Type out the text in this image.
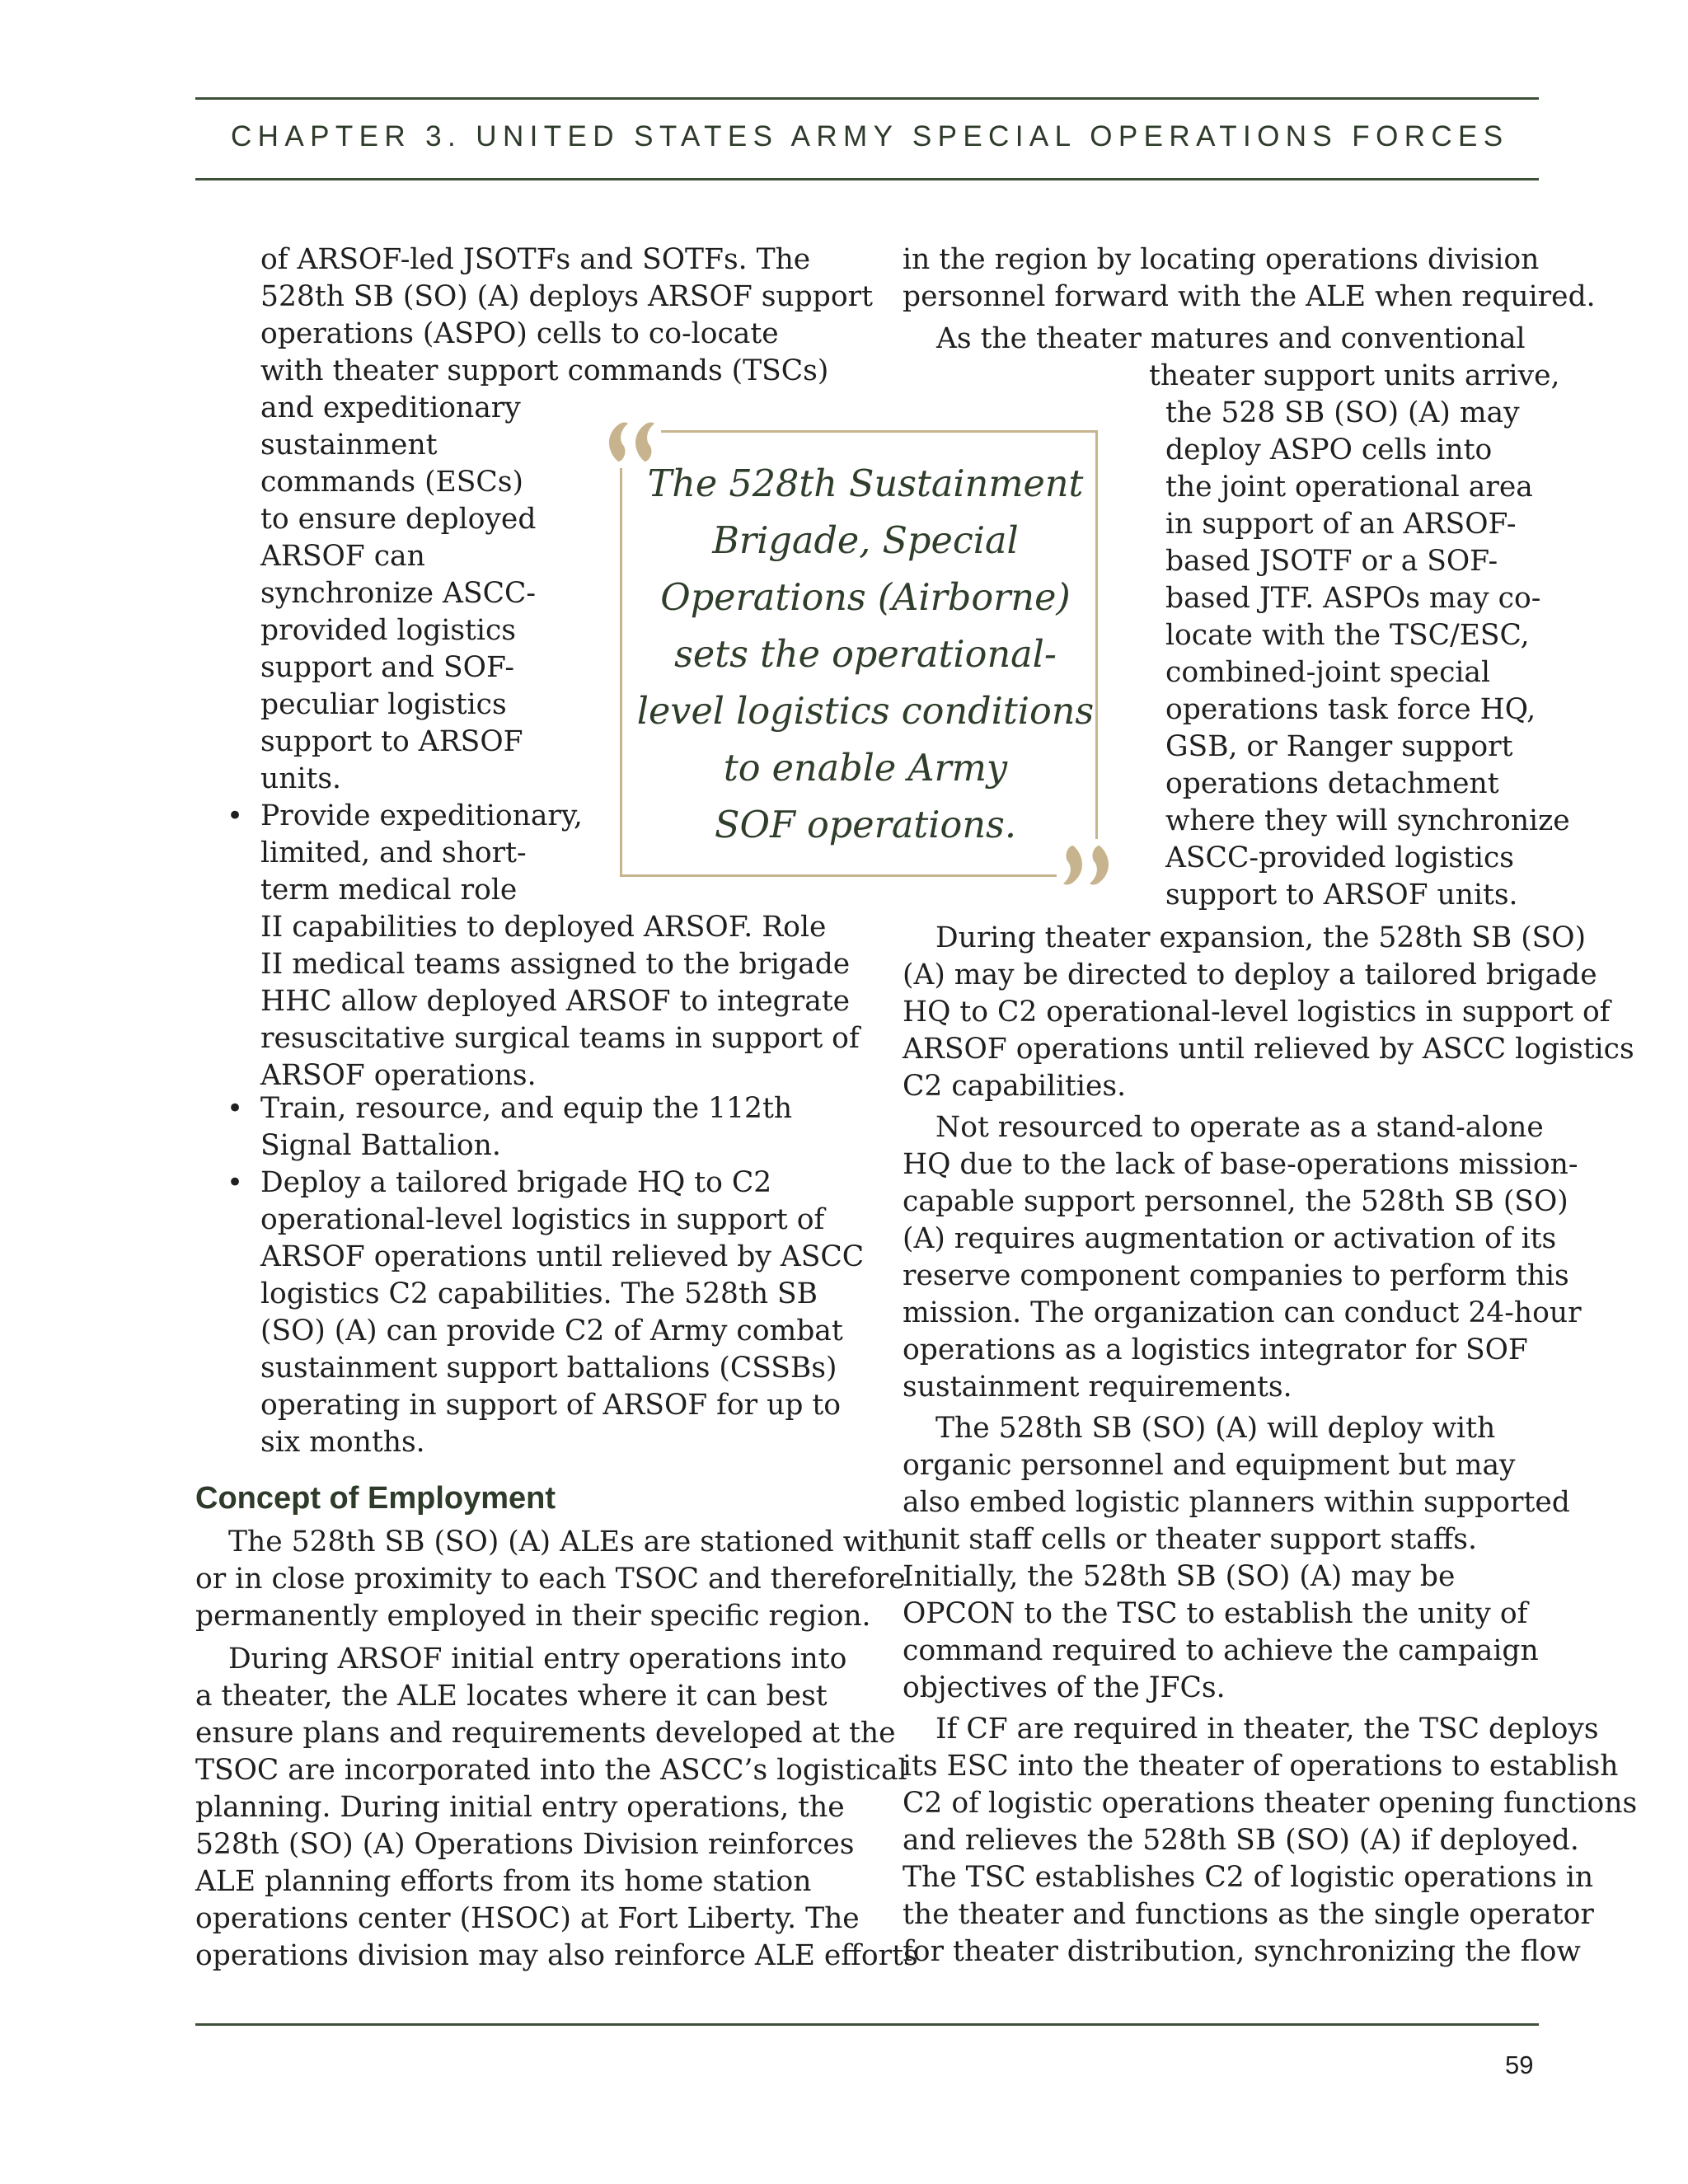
CHAPTER 3. UNITED STATES ARMY SPECIAL OPERATIONS FORCES
of ARSOF-led JSOTFs and SOTFs. The
528th SB (SO) (A) deploys ARSOF support
operations (ASPO) cells to co-locate
with theater support commands (TSCs)
and expeditionary
sustainment
commands (ESCs)
to ensure deployed
ARSOF can
synchronize ASCC-
provided logistics
support and SOF-
peculiar logistics
support to ARSOF
units.
• Provide expeditionary,
limited, and short-
term medical role
II capabilities to deployed ARSOF. Role
II medical teams assigned to the brigade
HHC allow deployed ARSOF to integrate
resuscitative surgical teams in support of
ARSOF operations.
• Train, resource, and equip the 112th
Signal Battalion.
• Deploy a tailored brigade HQ to C2
operational-level logistics in support of
ARSOF operations until relieved by ASCC
logistics C2 capabilities. The 528th SB
(SO) (A) can provide C2 of Army combat
sustainment support battalions (CSSBs)
operating in support of ARSOF for up to
six months.
Concept of Employment
The 528th SB (SO) (A) ALEs are stationed with
or in close proximity to each TSOC and therefore
permanently employed in their specific region.
During ARSOF initial entry operations into
a theater, the ALE locates where it can best
ensure plans and requirements developed at the
TSOC are incorporated into the ASCC’s logistical
planning. During initial entry operations, the
528th (SO) (A) Operations Division reinforces
ALE planning efforts from its home station
operations center (HSOC) at Fort Liberty. The
operations division may also reinforce ALE efforts
The 528th Sustainment
Brigade, Special
Operations (Airborne)
sets the operational-
level logistics conditions
to enable Army
SOF operations.
in the region by locating operations division
personnel forward with the ALE when required.
As the theater matures and conventional
theater support units arrive,
the 528 SB (SO) (A) may
deploy ASPO cells into
the joint operational area
in support of an ARSOF-
based JSOTF or a SOF-
based JTF. ASPOs may co-
locate with the TSC/ESC,
combined-joint special
operations task force HQ,
GSB, or Ranger support
operations detachment
where they will synchronize
ASCC-provided logistics
support to ARSOF units.
During theater expansion, the 528th SB (SO)
(A) may be directed to deploy a tailored brigade
HQ to C2 operational-level logistics in support of
ARSOF operations until relieved by ASCC logistics
C2 capabilities.
Not resourced to operate as a stand-alone
HQ due to the lack of base-operations mission-
capable support personnel, the 528th SB (SO)
(A) requires augmentation or activation of its
reserve component companies to perform this
mission. The organization can conduct 24-hour
operations as a logistics integrator for SOF
sustainment requirements.
The 528th SB (SO) (A) will deploy with
organic personnel and equipment but may
also embed logistic planners within supported
unit staff cells or theater support staffs.
Initially, the 528th SB (SO) (A) may be
OPCON to the TSC to establish the unity of
command required to achieve the campaign
objectives of the JFCs.
If CF are required in theater, the TSC deploys
its ESC into the theater of operations to establish
C2 of logistic operations theater opening functions
and relieves the 528th SB (SO) (A) if deployed.
The TSC establishes C2 of logistic operations in
the theater and functions as the single operator
for theater distribution, synchronizing the flow
59
